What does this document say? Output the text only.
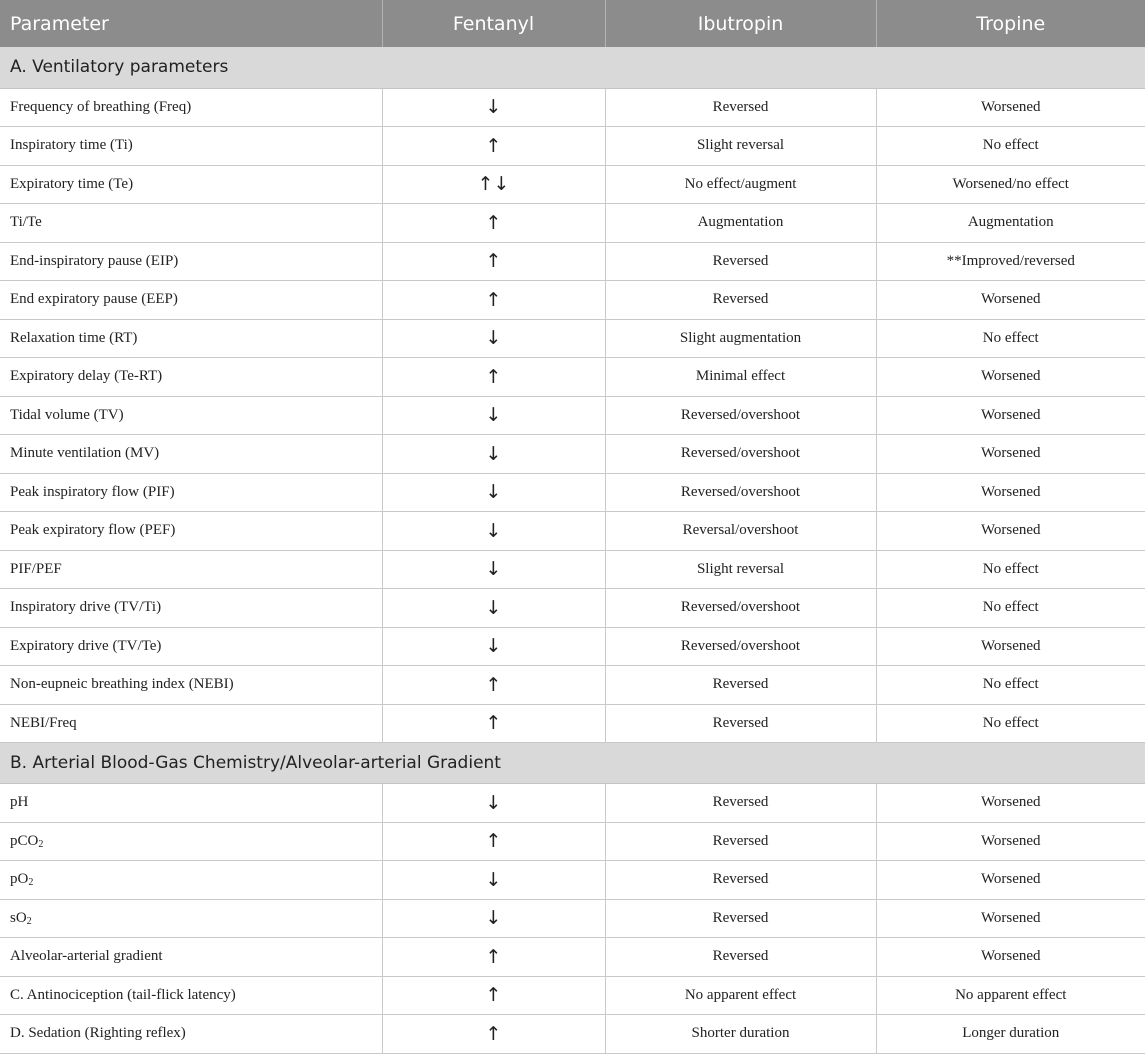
Parameter	Fentanyl	Ibutropin	Tropine
A. Ventilatory parameters			
Frequency of breathing (Freq)	↓	Reversed	Worsened
Inspiratory time (Ti)	↑	Slight reversal	No effect
Expiratory time (Te)	↑↓	No effect/augment	Worsened/no effect
Ti/Te	↑	Augmentation	Augmentation
End-inspiratory pause (EIP)	↑	Reversed	**Improved/reversed
End expiratory pause (EEP)	↑	Reversed	Worsened
Relaxation time (RT)	↓	Slight augmentation	No effect
Expiratory delay (Te-RT)	↑	Minimal effect	Worsened
Tidal volume (TV)	↓	Reversed/overshoot	Worsened
Minute ventilation (MV)	↓	Reversed/overshoot	Worsened
Peak inspiratory flow (PIF)	↓	Reversed/overshoot	Worsened
Peak expiratory flow (PEF)	↓	Reversal/overshoot	Worsened
PIF/PEF	↓	Slight reversal	No effect
Inspiratory drive (TV/Ti)	↓	Reversed/overshoot	No effect
Expiratory drive (TV/Te)	↓	Reversed/overshoot	Worsened
Non-eupneic breathing index (NEBI)	↑	Reversed	No effect
NEBI/Freq	↑	Reversed	No effect
B. Arterial Blood-Gas Chemistry/Alveolar-arterial Gradient			
pH	↓	Reversed	Worsened
pCO$_2$	↑	Reversed	Worsened
$pO_2$	↓	Reversed	Worsened
$sO_2$	↓	Reversed	Worsened
Alveolar-arterial gradient	↑	Reversed	Worsened
C. Antinociception (tail-flick latency)	↑	No apparent effect	No apparent effect
D. Sedation (Righting reflex)	↑	Shorter duration	Longer duration
